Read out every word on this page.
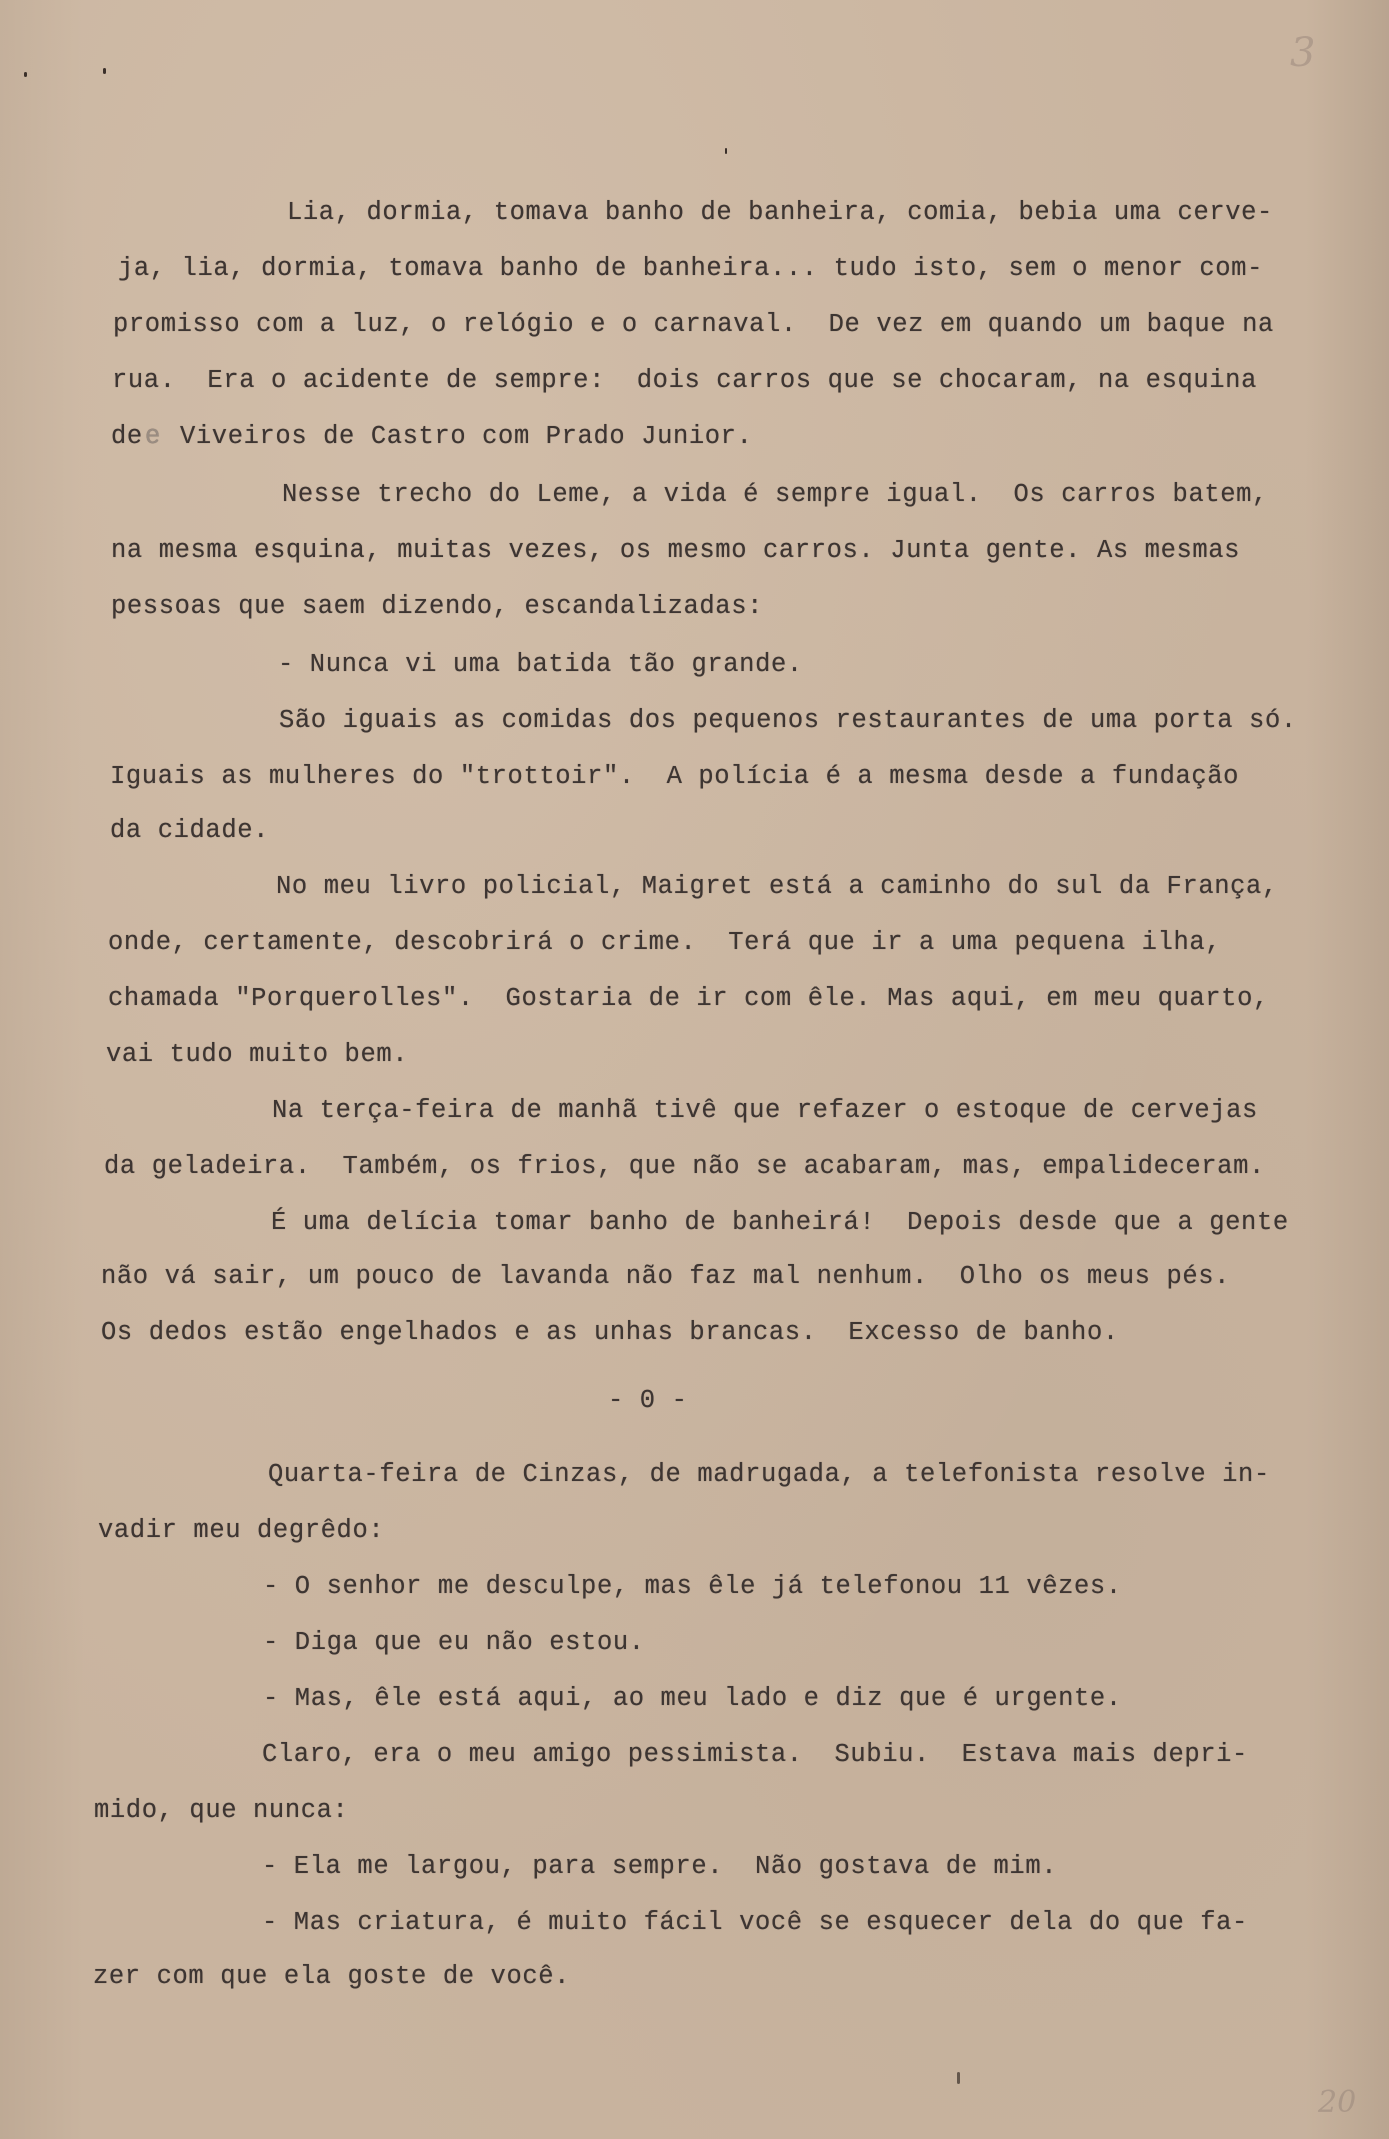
3
Lia, dormia, tomava banho de banheira, comia, bebia uma cerve-
ja, lia, dormia, tomava banho de banheira... tudo isto, sem o menor com-
promisso com a luz, o relógio e o carnaval.  De vez em quando um baque na
rua.  Era o acidente de sempre:  dois carros que se chocaram, na esquina
de e Viveiros de Castro com Prado Junior.
Nesse trecho do Leme, a vida é sempre igual.  Os carros batem,
na mesma esquina, muitas vezes, os mesmo carros. Junta gente. As mesmas
pessoas que saem dizendo, escandalizadas:
- Nunca vi uma batida tão grande.
São iguais as comidas dos pequenos restaurantes de uma porta só.
Iguais as mulheres do "trottoir".  A polícia é a mesma desde a fundação
da cidade.
No meu livro policial, Maigret está a caminho do sul da França,
onde, certamente, descobrirá o crime.  Terá que ir a uma pequena ilha,
chamada "Porquerolles".  Gostaria de ir com êle. Mas aqui, em meu quarto,
vai tudo muito bem.
Na terça-feira de manhã tivê que refazer o estoque de cervejas
da geladeira.  Também, os frios, que não se acabaram, mas, empalideceram.
É uma delícia tomar banho de banheirá!  Depois desde que a gente
não vá sair, um pouco de lavanda não faz mal nenhum.  Olho os meus pés.
Os dedos estão engelhados e as unhas brancas.  Excesso de banho.
- 0 -
Quarta-feira de Cinzas, de madrugada, a telefonista resolve in-
vadir meu degrêdo:
- O senhor me desculpe, mas êle já telefonou 11 vêzes.
- Diga que eu não estou.
- Mas, êle está aqui, ao meu lado e diz que é urgente.
Claro, era o meu amigo pessimista.  Subiu.  Estava mais depri-
mido, que nunca:
- Ela me largou, para sempre.  Não gostava de mim.
- Mas criatura, é muito fácil você se esquecer dela do que fa-
zer com que ela goste de você.
20
